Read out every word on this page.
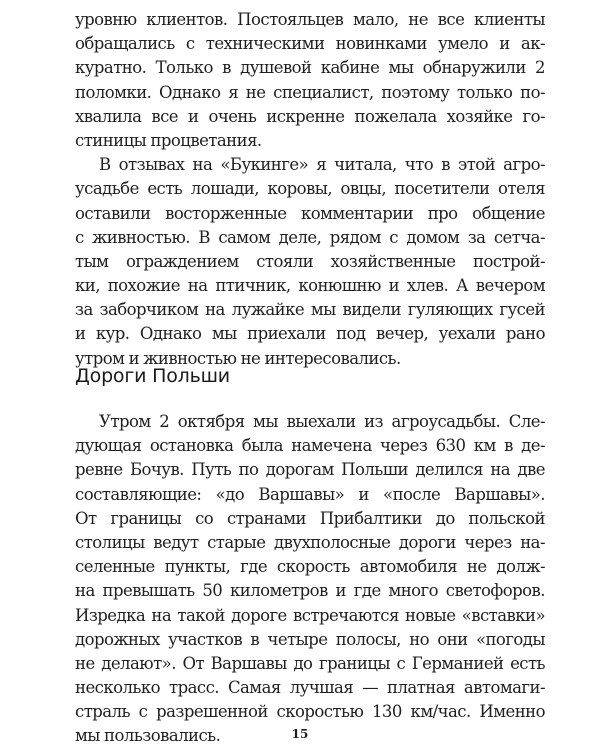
уровню клиентов. Постояльцев мало, не все клиенты
обращались с техническими новинками умело и ак-
куратно. Только в душевой кабине мы обнаружили 2
поломки. Однако я не специалист, поэтому только по-
хвалила все и очень искренне пожелала хозяйке го-
стиницы процветания.
В отзывах на «Букинге» я читала, что в этой агро-
усадьбе есть лошади, коровы, овцы, посетители отеля
оставили восторженные комментарии про общение
с живностью. В самом деле, рядом с домом за сетча-
тым ограждением стояли хозяйственные построй-
ки, похожие на птичник, конюшню и хлев. А вечером
за заборчиком на лужайке мы видели гуляющих гусей
и кур. Однако мы приехали под вечер, уехали рано
утром и живностью не интересовались.
Дороги Польши
Утром 2 октября мы выехали из агроусадьбы. Сле-
дующая остановка была намечена через 630 км в де-
ревне Бочув. Путь по дорогам Польши делился на две
составляющие: «до Варшавы» и «после Варшавы».
От границы со странами Прибалтики до польской
столицы ведут старые двухполосные дороги через на-
селенные пункты, где скорость автомобиля не долж-
на превышать 50 километров и где много светофоров.
Изредка на такой дороге встречаются новые «вставки»
дорожных участков в четыре полосы, но они «погоды
не делают». От Варшавы до границы с Германией есть
несколько трасс. Самая лучшая — платная автомаги-
страль с разрешенной скоростью 130 км/час. Именно
мы пользовались.	15
